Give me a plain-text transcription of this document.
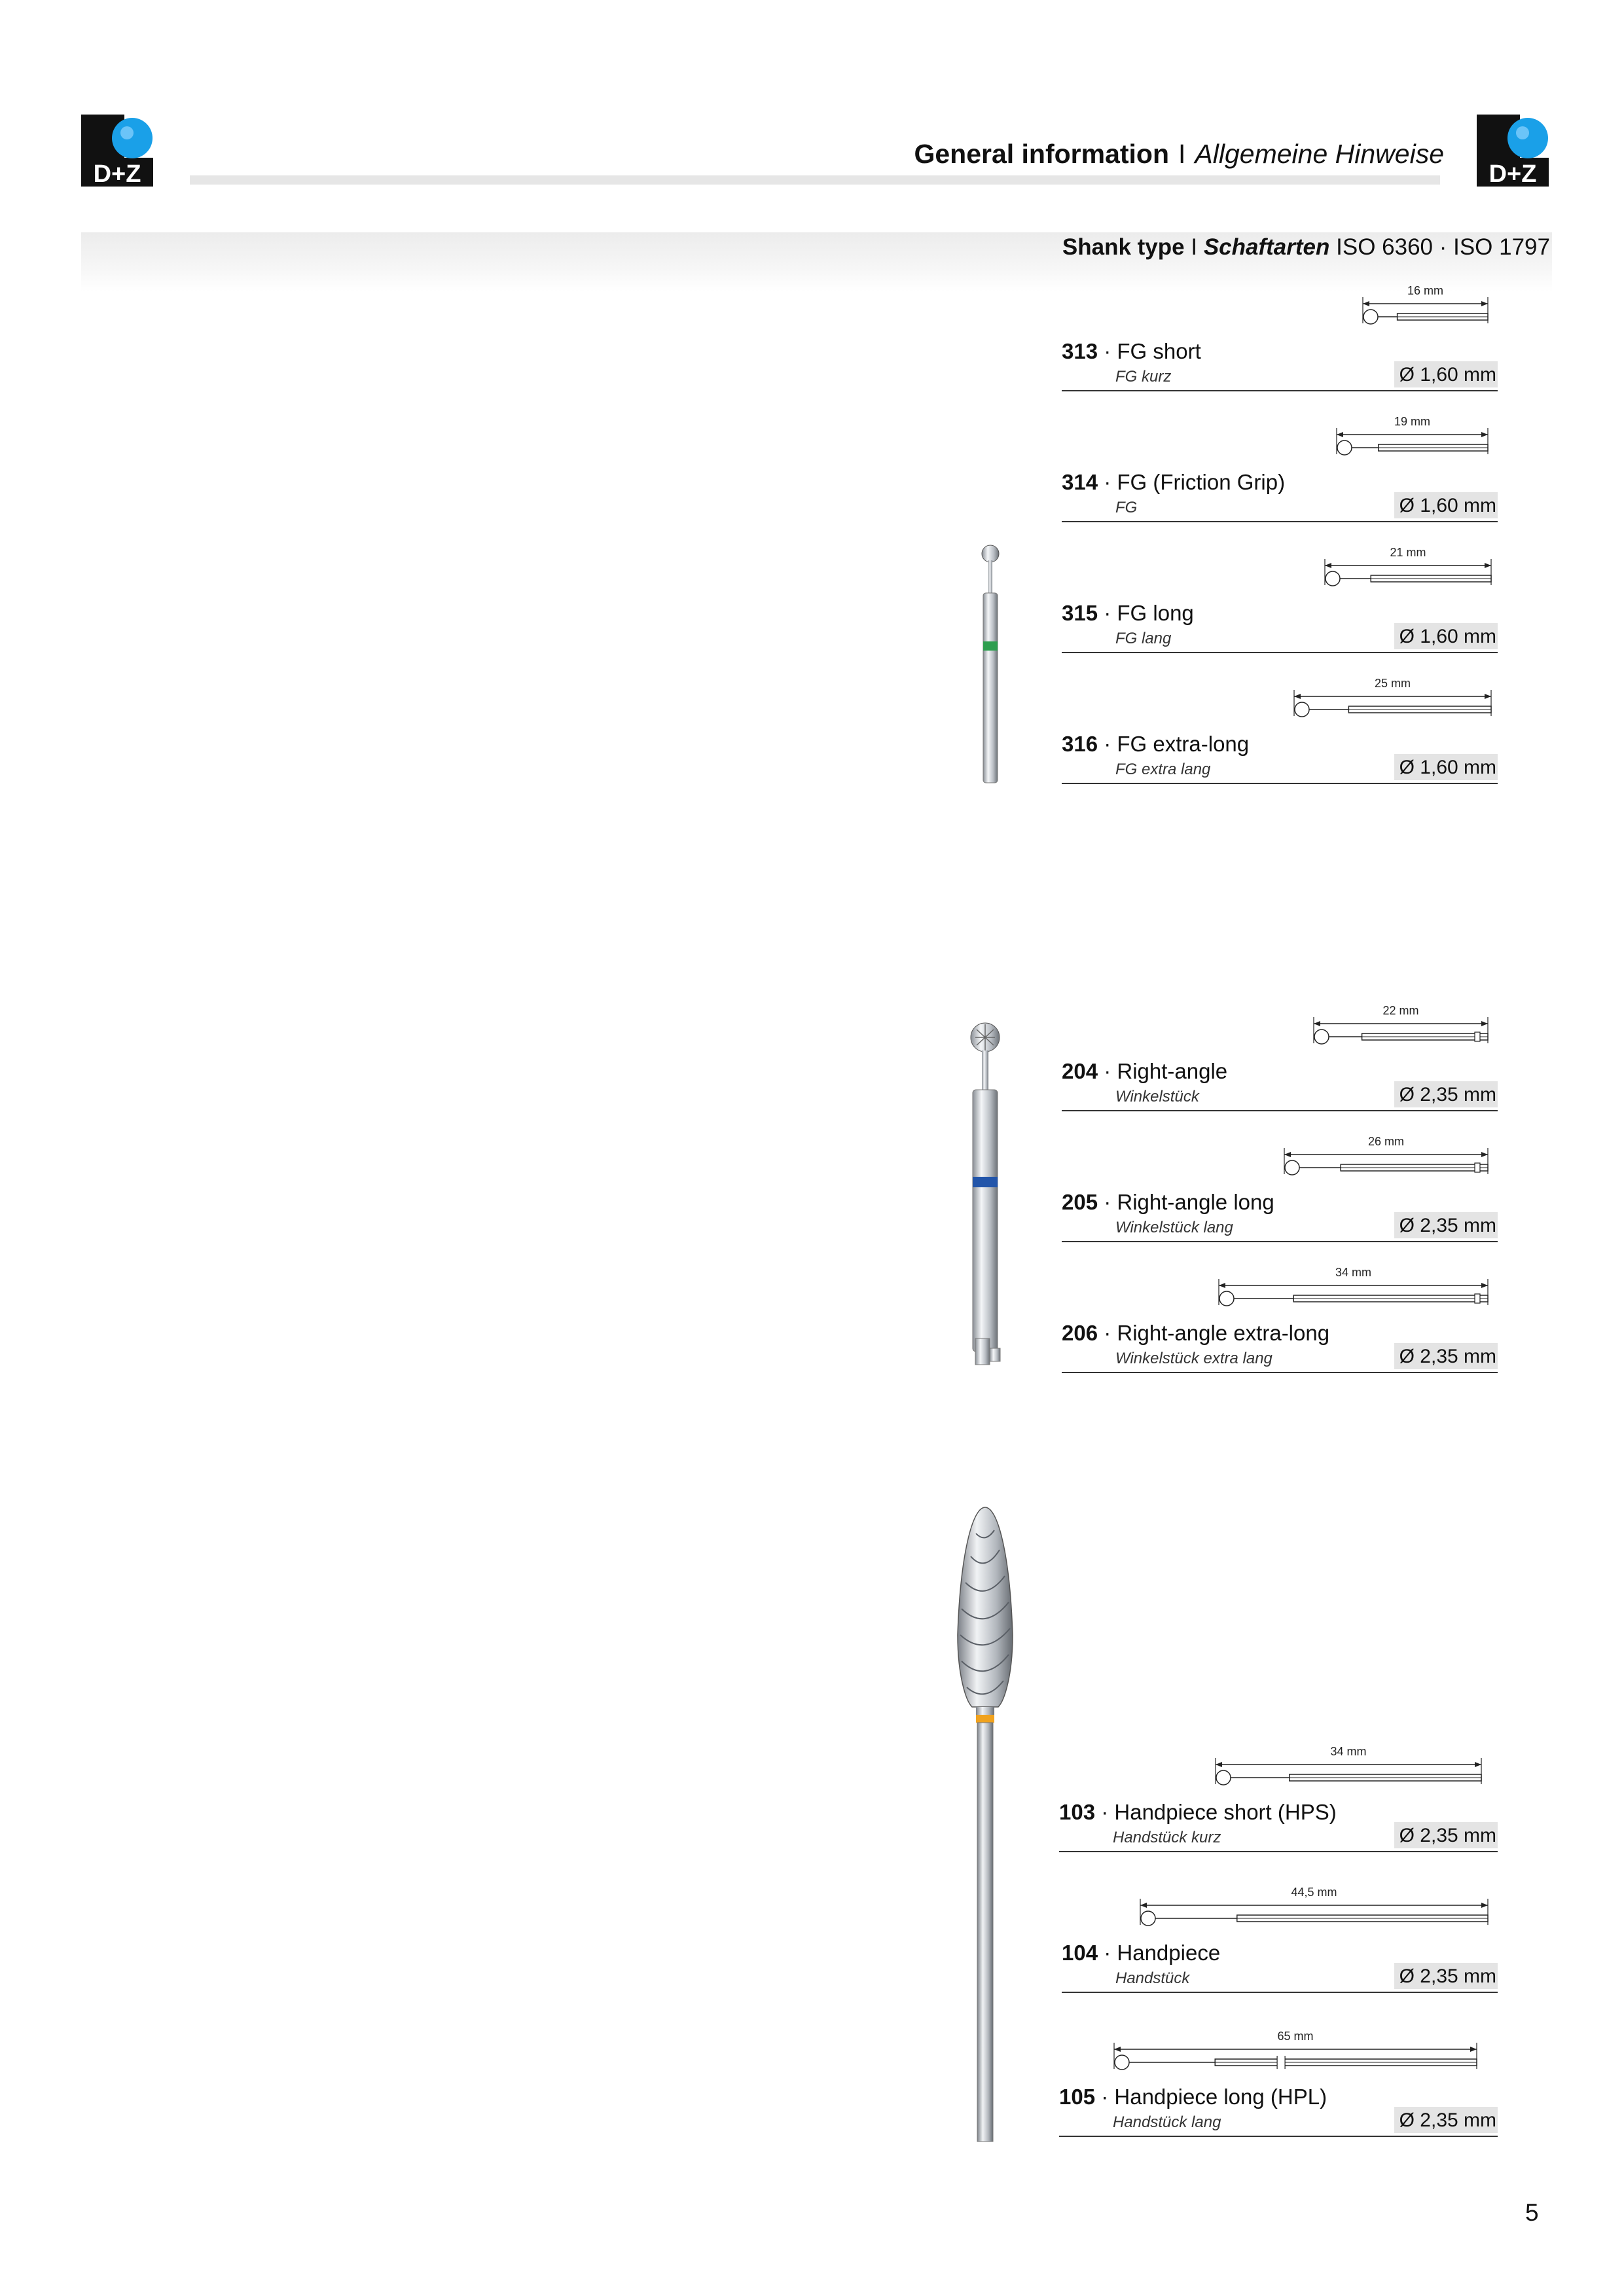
D+Z	D+Z
General information I Allgemeine Hinweise
Shank type I Schaftarten ISO 6360 · ISO 1797
16 mm
313 · FG short
FG kurz	Ø 1,60 mm
19 mm
314 · FG (Friction Grip)
FG	Ø 1,60 mm
21 mm
315 · FG long
FG lang	Ø 1,60 mm
25 mm
316 · FG extra-long
FG extra lang	Ø 1,60 mm
22 mm
204 · Right-angle
Winkelstück	Ø 2,35 mm
26 mm
205 · Right-angle long
Winkelstück lang	Ø 2,35 mm
34 mm
206 · Right-angle extra-long
Winkelstück extra lang	Ø 2,35 mm
34 mm
103 · Handpiece short (HPS)
Handstück kurz	Ø 2,35 mm
44,5 mm
104 · Handpiece
Handstück	Ø 2,35 mm
65 mm
105 · Handpiece long (HPL)
Handstück lang	Ø 2,35 mm
5
